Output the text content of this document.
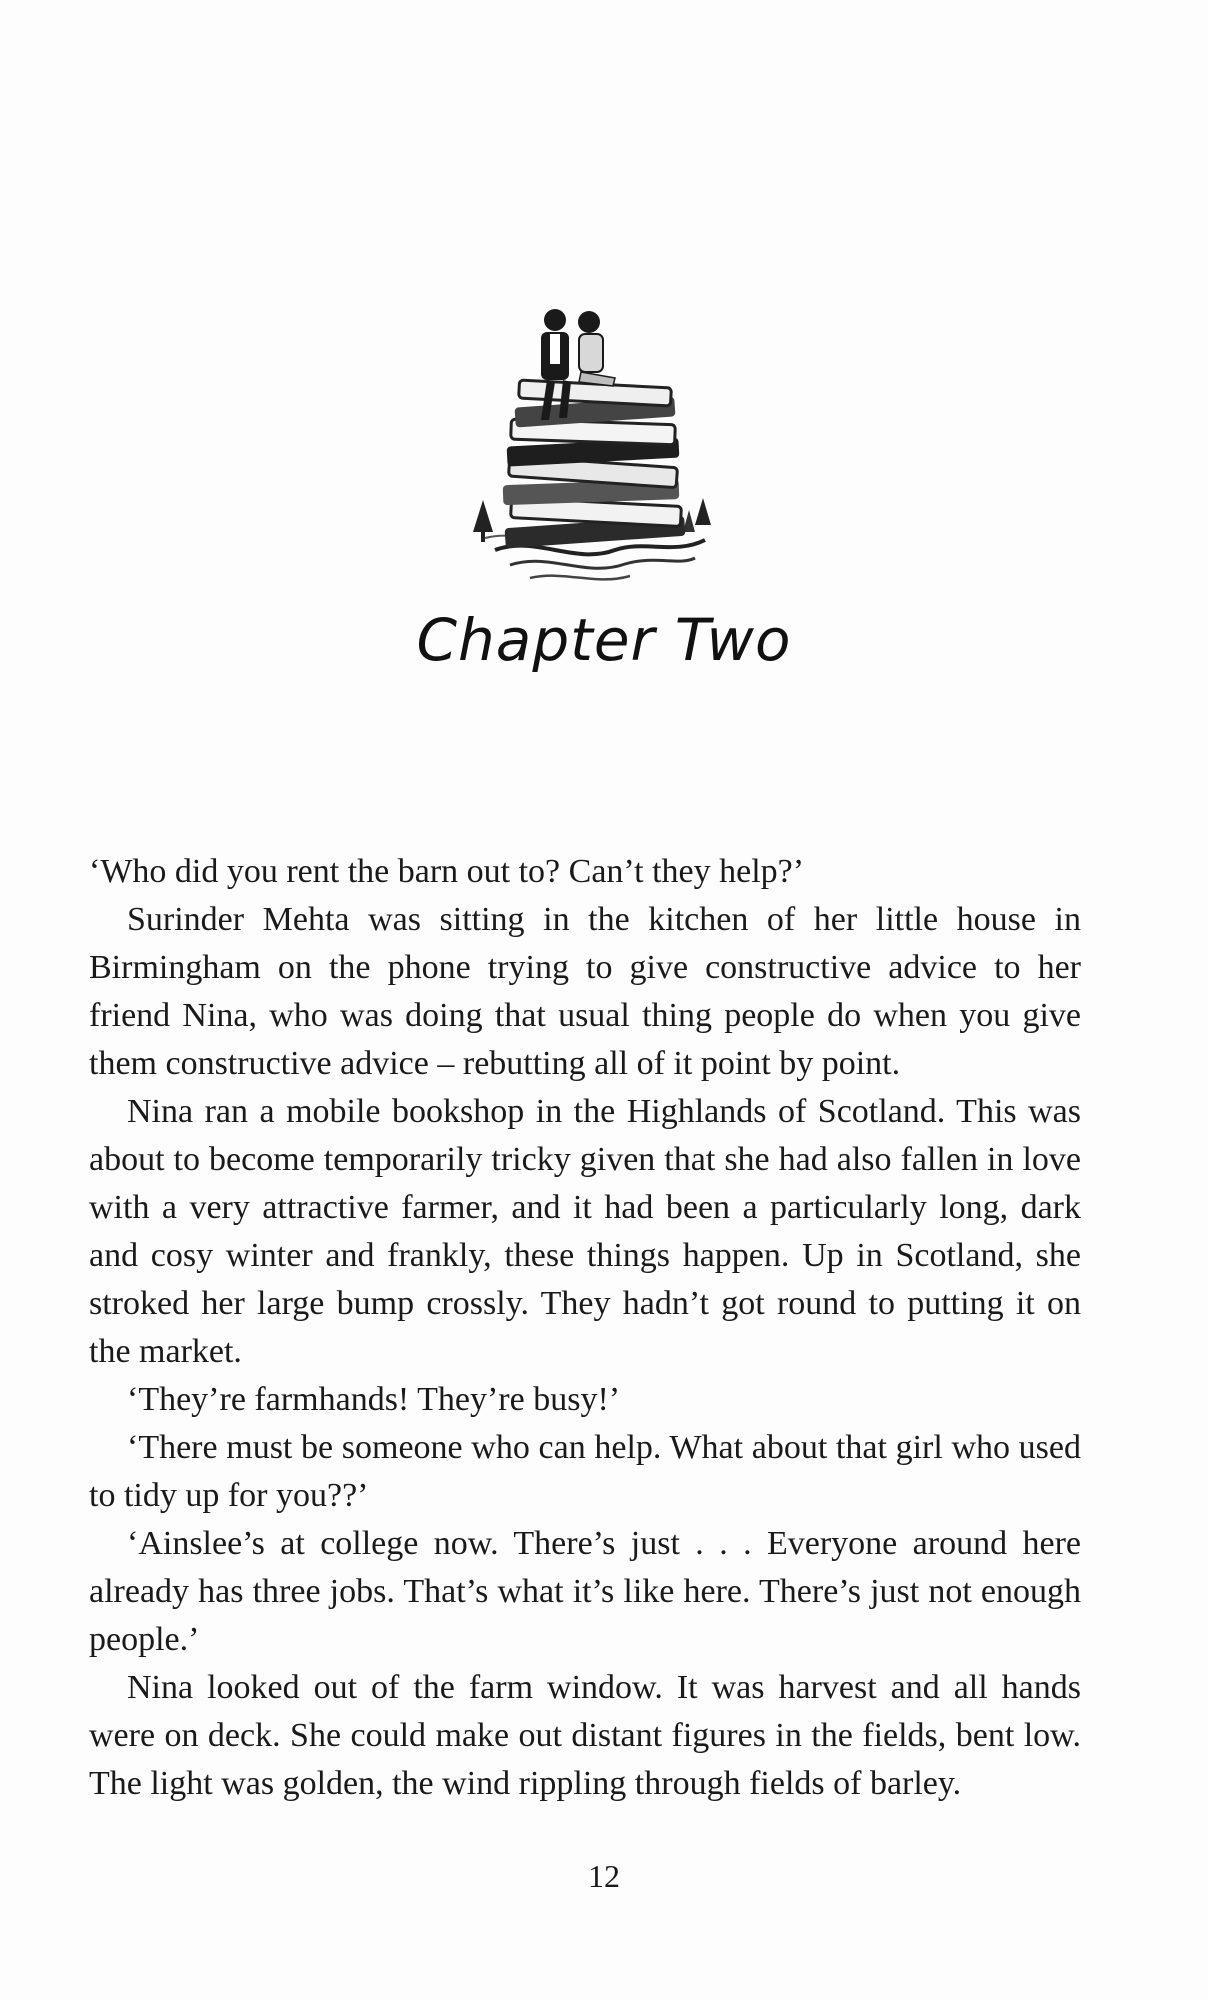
Chapter Two

‘Who did you rent the barn out to? Can’t they help?’

Surinder Mehta was sitting in the kitchen of her little house in Birmingham on the phone trying to give constructive advice to her friend Nina, who was doing that usual thing people do when you give them constructive advice – rebutting all of it point by point.

Nina ran a mobile bookshop in the Highlands of Scotland. This was about to become temporarily tricky given that she had also fallen in love with a very attractive farmer, and it had been a particularly long, dark and cosy winter and frankly, these things happen. Up in Scotland, she stroked her large bump crossly. They hadn’t got round to putting it on the market.

‘They’re farmhands! They’re busy!’

‘There must be someone who can help. What about that girl who used to tidy up for you??’

‘Ainslee’s at college now. There’s just . . . Everyone around here already has three jobs. That’s what it’s like here. There’s just not enough people.’

Nina looked out of the farm window. It was harvest and all hands were on deck. She could make out distant figures in the fields, bent low. The light was golden, the wind rippling through fields of barley.

12
